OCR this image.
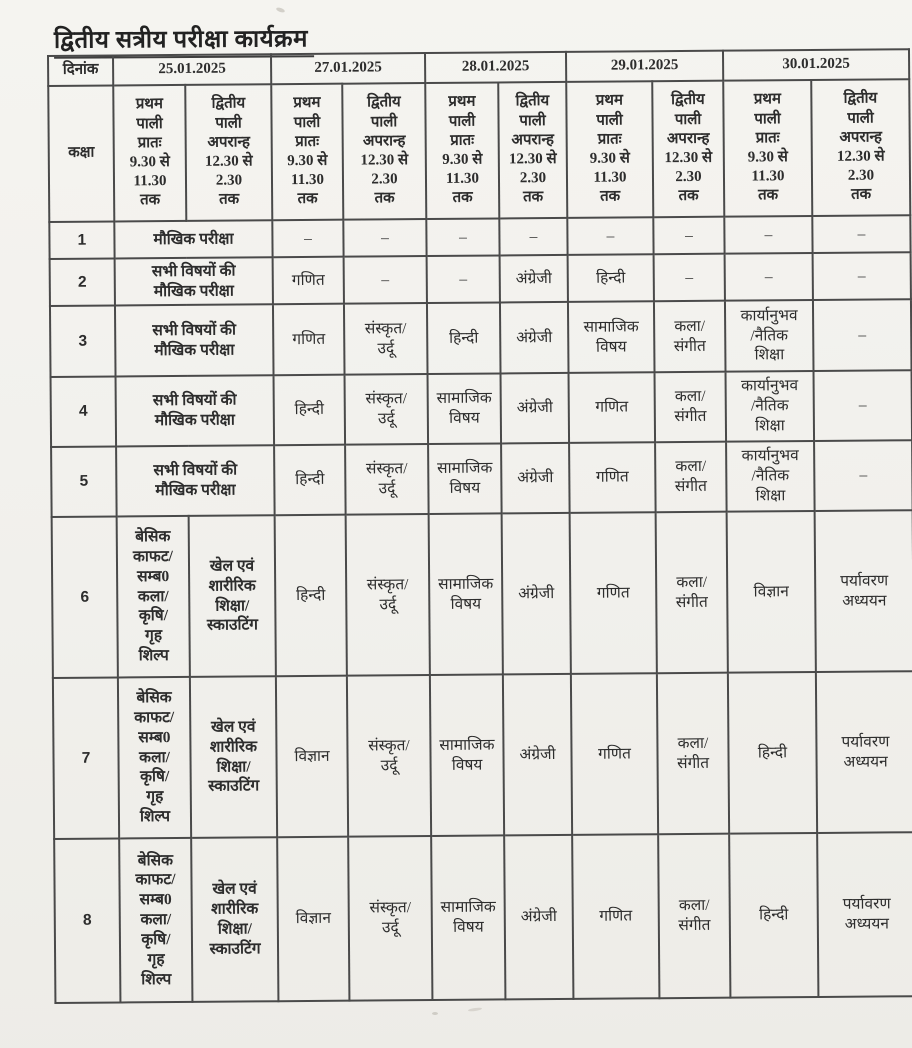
द्वितीय सत्रीय परीक्षा कार्यक्रम
दिनांक	25.01.2025		27.01.2025		28.01.2025		29.01.2025		30.01.2025	
कक्षा	प्रथम
पाली
प्रातः
9.30 से
11.30
तक	द्वितीय
पाली
अपरान्ह
12.30 से
2.30
तक	प्रथम
पाली
प्रातः
9.30 से
11.30
तक	द्वितीय
पाली
अपरान्ह
12.30 से
2.30
तक	प्रथम
पाली
प्रातः
9.30 से
11.30
तक	द्वितीय
पाली
अपरान्ह
12.30 से
2.30
तक	प्रथम
पाली
प्रातः
9.30 से
11.30
तक	द्वितीय
पाली
अपरान्ह
12.30 से
2.30
तक	प्रथम
पाली
प्रातः
9.30 से
11.30
तक	द्वितीय
पाली
अपरान्ह
12.30 से
2.30
तक
1	मौखिक परीक्षा		–	–	–	–	–	–	–	–
2	सभी विषयों की
मौखिक परीक्षा		गणित	–	–	अंग्रेजी	हिन्दी	–	–	–
3	सभी विषयों की
मौखिक परीक्षा		गणित	संस्कृत/
उर्दू	हिन्दी	अंग्रेजी	सामाजिक
विषय	कला/
संगीत	कार्यानुभव
/नैतिक
शिक्षा	–
4	सभी विषयों की
मौखिक परीक्षा		हिन्दी	संस्कृत/
उर्दू	सामाजिक
विषय	अंग्रेजी	गणित	कला/
संगीत	कार्यानुभव
/नैतिक
शिक्षा	–
5	सभी विषयों की
मौखिक परीक्षा		हिन्दी	संस्कृत/
उर्दू	सामाजिक
विषय	अंग्रेजी	गणित	कला/
संगीत	कार्यानुभव
/नैतिक
शिक्षा	–
6	बेसिक
काफट/
सम्ब0
कला/
कृषि/
गृह
शिल्प	खेल एवं
शारीरिक
शिक्षा/
स्काउटिंग	हिन्दी	संस्कृत/
उर्दू	सामाजिक
विषय	अंग्रेजी	गणित	कला/
संगीत	विज्ञान	पर्यावरण
अध्ययन
7	बेसिक
काफट/
सम्ब0
कला/
कृषि/
गृह
शिल्प	खेल एवं
शारीरिक
शिक्षा/
स्काउटिंग	विज्ञान	संस्कृत/
उर्दू	सामाजिक
विषय	अंग्रेजी	गणित	कला/
संगीत	हिन्दी	पर्यावरण
अध्ययन
8	बेसिक
काफट/
सम्ब0
कला/
कृषि/
गृह
शिल्प	खेल एवं
शारीरिक
शिक्षा/
स्काउटिंग	विज्ञान	संस्कृत/
उर्दू	सामाजिक
विषय	अंग्रेजी	गणित	कला/
संगीत	हिन्दी	पर्यावरण
अध्ययन
